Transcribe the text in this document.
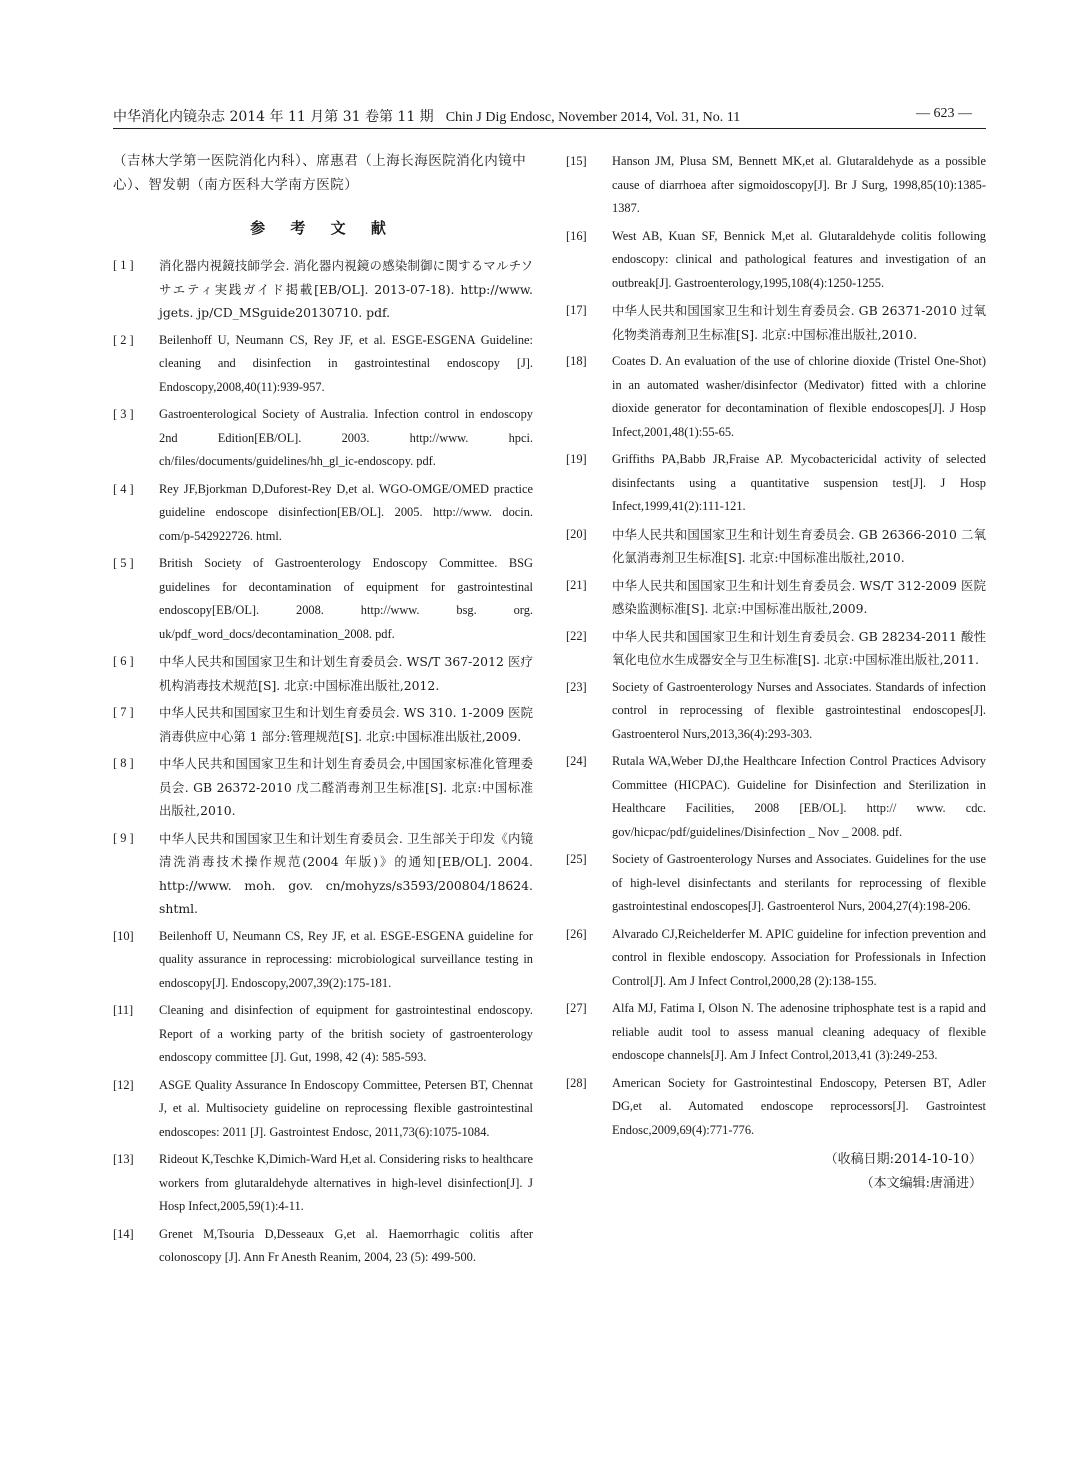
中华消化内镜杂志 2014 年 11 月第 31 卷第 11 期 Chin J Dig Endosc, November 2014, Vol. 31, No. 11	— 623 —

（吉林大学第一医院消化内科）、席惠君（上海长海医院消化内镜中心）、智发朝（南方医科大学南方医院）

参 考 文 献
[ 1 ]	消化器内視鏡技師学会. 消化器内視鏡の感染制御に関するマルチソサエティ実践ガイド掲載[EB/OL]. 2013-07-18). http://www. jgets. jp/CD_MSguide20130710. pdf.
[ 2 ]	Beilenhoff U, Neumann CS, Rey JF, et al. ESGE-ESGENA Guideline: cleaning and disinfection in gastrointestinal endoscopy [J]. Endoscopy,2008,40(11):939-957.
[ 3 ]	Gastroenterological Society of Australia. Infection control in endoscopy 2nd Edition[EB/OL]. 2003. http://www. hpci. ch/files/documents/guidelines/hh_gl_ic-endoscopy. pdf.
[ 4 ]	Rey JF,Bjorkman D,Duforest-Rey D,et al. WGO-OMGE/OMED practice guideline endoscope disinfection[EB/OL]. 2005. http://www. docin. com/p-542922726. html.
[ 5 ]	British Society of Gastroenterology Endoscopy Committee. BSG guidelines for decontamination of equipment for gastrointestinal endoscopy[EB/OL]. 2008. http://www. bsg. org. uk/pdf_word_docs/decontamination_2008. pdf.
[ 6 ]	中华人民共和国国家卫生和计划生育委员会. WS/T 367-2012 医疗机构消毒技术规范[S]. 北京:中国标准出版社,2012.
[ 7 ]	中华人民共和国国家卫生和计划生育委员会. WS 310. 1-2009 医院消毒供应中心第 1 部分:管理规范[S]. 北京:中国标准出版社,2009.
[ 8 ]	中华人民共和国国家卫生和计划生育委员会,中国国家标准化管理委员会. GB 26372-2010 戊二醛消毒剂卫生标准[S]. 北京:中国标准出版社,2010.
[ 9 ]	中华人民共和国国家卫生和计划生育委员会. 卫生部关于印发《内镜清洗消毒技术操作规范(2004 年版)》的通知[EB/OL]. 2004. http://www. moh. gov. cn/mohyzs/s3593/200804/18624. shtml.
[10]	Beilenhoff U, Neumann CS, Rey JF, et al. ESGE-ESGENA guideline for quality assurance in reprocessing: microbiological surveillance testing in endoscopy[J]. Endoscopy,2007,39(2):175-181.
[11]	Cleaning and disinfection of equipment for gastrointestinal endoscopy. Report of a working party of the british society of gastroenterology endoscopy committee [J]. Gut, 1998, 42 (4): 585-593.
[12]	ASGE Quality Assurance In Endoscopy Committee, Petersen BT, Chennat J, et al. Multisociety guideline on reprocessing flexible gastrointestinal endoscopes: 2011 [J]. Gastrointest Endosc, 2011,73(6):1075-1084.
[13]	Rideout K,Teschke K,Dimich-Ward H,et al. Considering risks to healthcare workers from glutaraldehyde alternatives in high-level disinfection[J]. J Hosp Infect,2005,59(1):4-11.
[14]	Grenet M,Tsouria D,Desseaux G,et al. Haemorrhagic colitis after colonoscopy [J]. Ann Fr Anesth Reanim, 2004, 23 (5): 499-500.
[15]	Hanson JM, Plusa SM, Bennett MK,et al. Glutaraldehyde as a possible cause of diarrhoea after sigmoidoscopy[J]. Br J Surg, 1998,85(10):1385-1387.
[16]	West AB, Kuan SF, Bennick M,et al. Glutaraldehyde colitis following endoscopy: clinical and pathological features and investigation of an outbreak[J]. Gastroenterology,1995,108(4):1250-1255.
[17]	中华人民共和国国家卫生和计划生育委员会. GB 26371-2010 过氧化物类消毒剂卫生标准[S]. 北京:中国标准出版社,2010.
[18]	Coates D. An evaluation of the use of chlorine dioxide (Tristel One-Shot) in an automated washer/disinfector (Medivator) fitted with a chlorine dioxide generator for decontamination of flexible endoscopes[J]. J Hosp Infect,2001,48(1):55-65.
[19]	Griffiths PA,Babb JR,Fraise AP. Mycobactericidal activity of selected disinfectants using a quantitative suspension test[J]. J Hosp Infect,1999,41(2):111-121.
[20]	中华人民共和国国家卫生和计划生育委员会. GB 26366-2010 二氧化氯消毒剂卫生标准[S]. 北京:中国标准出版社,2010.
[21]	中华人民共和国国家卫生和计划生育委员会. WS/T 312-2009 医院感染监测标准[S]. 北京:中国标准出版社,2009.
[22]	中华人民共和国国家卫生和计划生育委员会. GB 28234-2011 酸性氧化电位水生成器安全与卫生标准[S]. 北京:中国标准出版社,2011.
[23]	Society of Gastroenterology Nurses and Associates. Standards of infection control in reprocessing of flexible gastrointestinal endoscopes[J]. Gastroenterol Nurs,2013,36(4):293-303.
[24]	Rutala WA,Weber DJ,the Healthcare Infection Control Practices Advisory Committee (HICPAC). Guideline for Disinfection and Sterilization in Healthcare Facilities, 2008 [EB/OL]. http:// www. cdc. gov/hicpac/pdf/guidelines/Disinfection _ Nov _ 2008. pdf.
[25]	Society of Gastroenterology Nurses and Associates. Guidelines for the use of high-level disinfectants and sterilants for reprocessing of flexible gastrointestinal endoscopes[J]. Gastroenterol Nurs, 2004,27(4):198-206.
[26]	Alvarado CJ,Reichelderfer M. APIC guideline for infection prevention and control in flexible endoscopy. Association for Professionals in Infection Control[J]. Am J Infect Control,2000,28 (2):138-155.
[27]	Alfa MJ, Fatima I, Olson N. The adenosine triphosphate test is a rapid and reliable audit tool to assess manual cleaning adequacy of flexible endoscope channels[J]. Am J Infect Control,2013,41 (3):249-253.
[28]	American Society for Gastrointestinal Endoscopy, Petersen BT, Adler DG,et al. Automated endoscope reprocessors[J]. Gastrointest Endosc,2009,69(4):771-776.
（收稿日期:2014-10-10）
（本文编辑:唐涌进）
